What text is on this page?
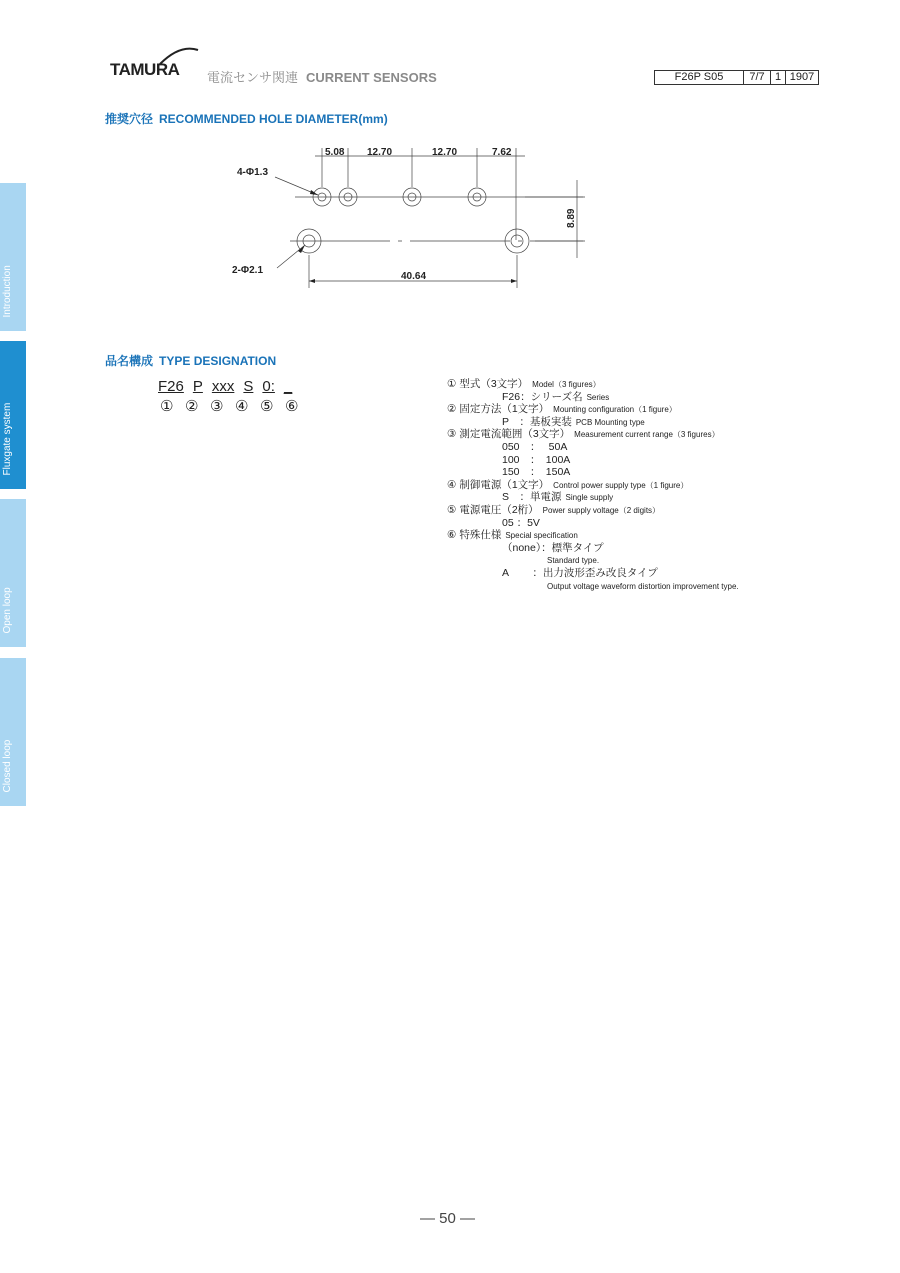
TAMURA 電流センサ関連 CURRENT SENSORS	F26P S05	7/7 1 1907
Introduction
Fluxgate system
Open loop
Closed loop
推奨穴径 RECOMMENDED HOLE DIAMETER(mm)
5.08 12.70	12.70	7.62
4-Φ1.3
2-Φ2.1
40.64
8.89
品名構成 TYPE DESIGNATION
F26 P xxx S 0: _
① ② ③ ④ ⑤ ⑥
① 型式（3文字） Model（3 figures）
F26：シリーズ名 Series
② 固定方法（1文字） Mounting configuration（1 figure）
P　：基板実装 PCB Mounting type
③ 測定電流範囲（3文字） Measurement current range（3 figures）
050　：　 50A
100　：　100A
150　：　150A
④ 制御電源（1文字） Control power supply type（1 figure）
S　：単電源 Single supply
⑤ 電源電圧（2桁） Power supply voltage（2 digits）
05 ：5V
⑥ 特殊仕様 Special specification
（none）：標準タイプ
Standard type.
A　　 ：出力波形歪み改良タイプ
Output voltage waveform distortion improvement type.
— 50 —
